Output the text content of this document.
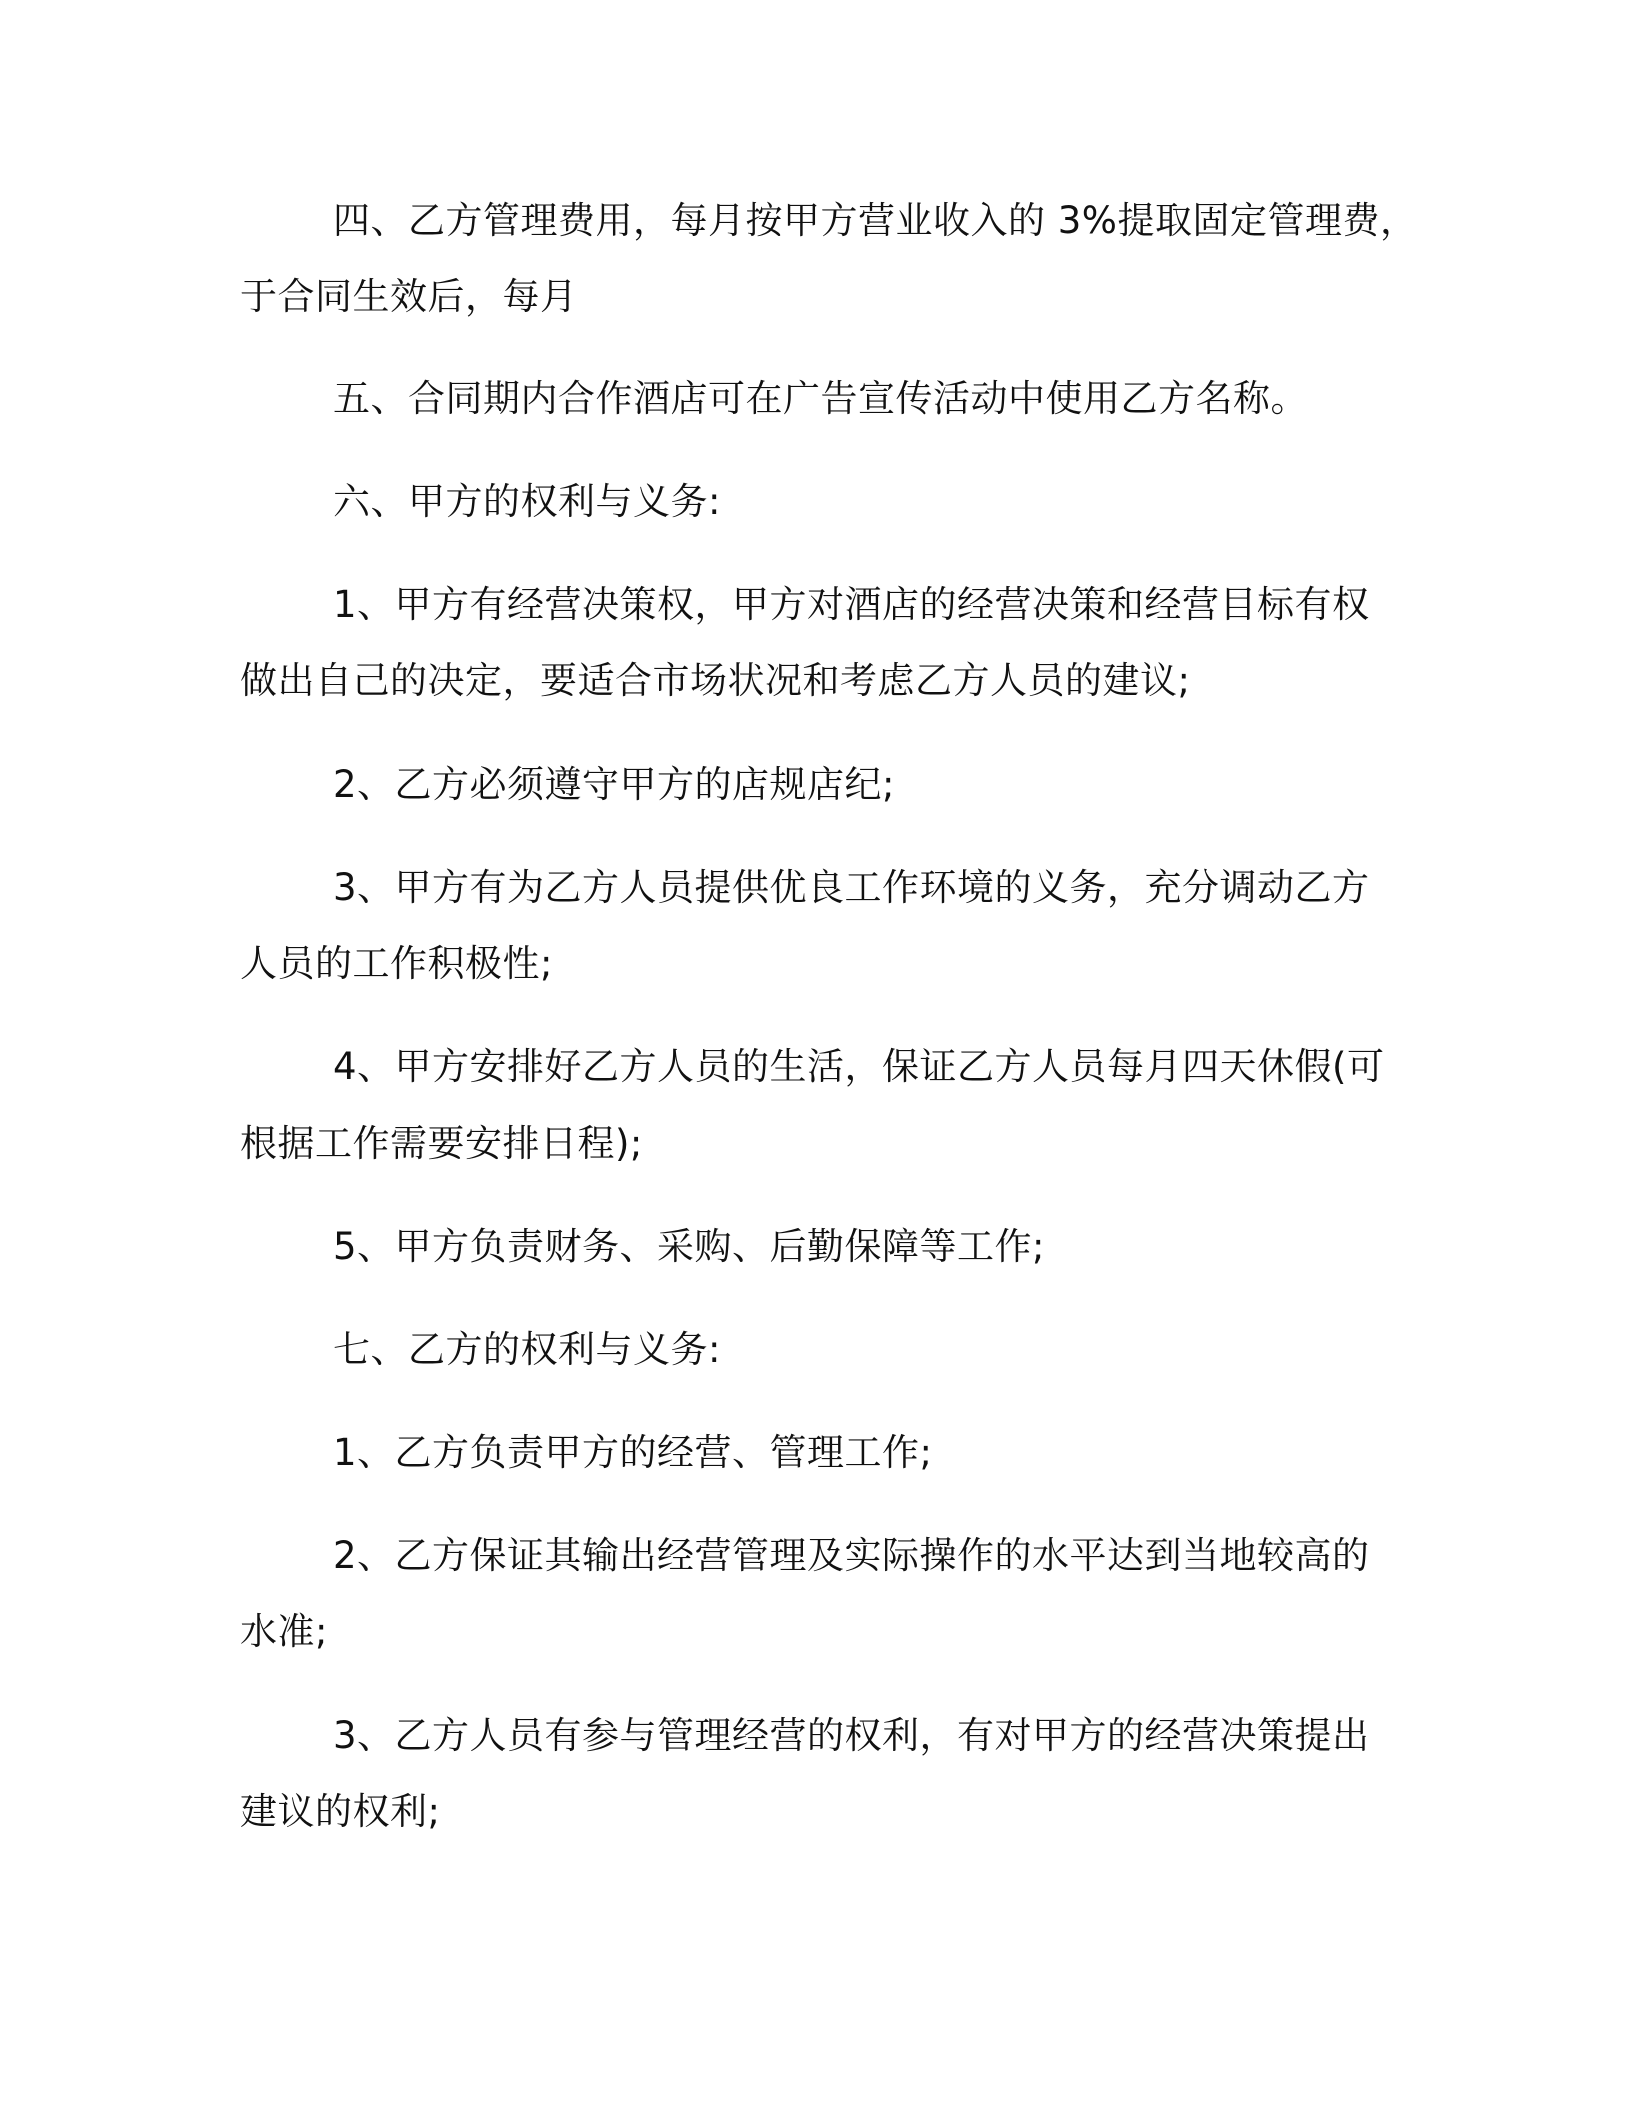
四、乙方管理费用，每月按甲方营业收入的 3%提取固定管理费，
于合同生效后，每月
五、合同期内合作酒店可在广告宣传活动中使用乙方名称。
六、甲方的权利与义务:
1、甲方有经营决策权，甲方对酒店的经营决策和经营目标有权
做出自己的决定，要适合市场状况和考虑乙方人员的建议;
2、乙方必须遵守甲方的店规店纪;
3、甲方有为乙方人员提供优良工作环境的义务，充分调动乙方
人员的工作积极性;
4、甲方安排好乙方人员的生活，保证乙方人员每月四天休假(可
根据工作需要安排日程);
5、甲方负责财务、采购、后勤保障等工作;
七、乙方的权利与义务:
1、乙方负责甲方的经营、管理工作;
2、乙方保证其输出经营管理及实际操作的水平达到当地较高的
水准;
3、乙方人员有参与管理经营的权利，有对甲方的经营决策提出
建议的权利;
